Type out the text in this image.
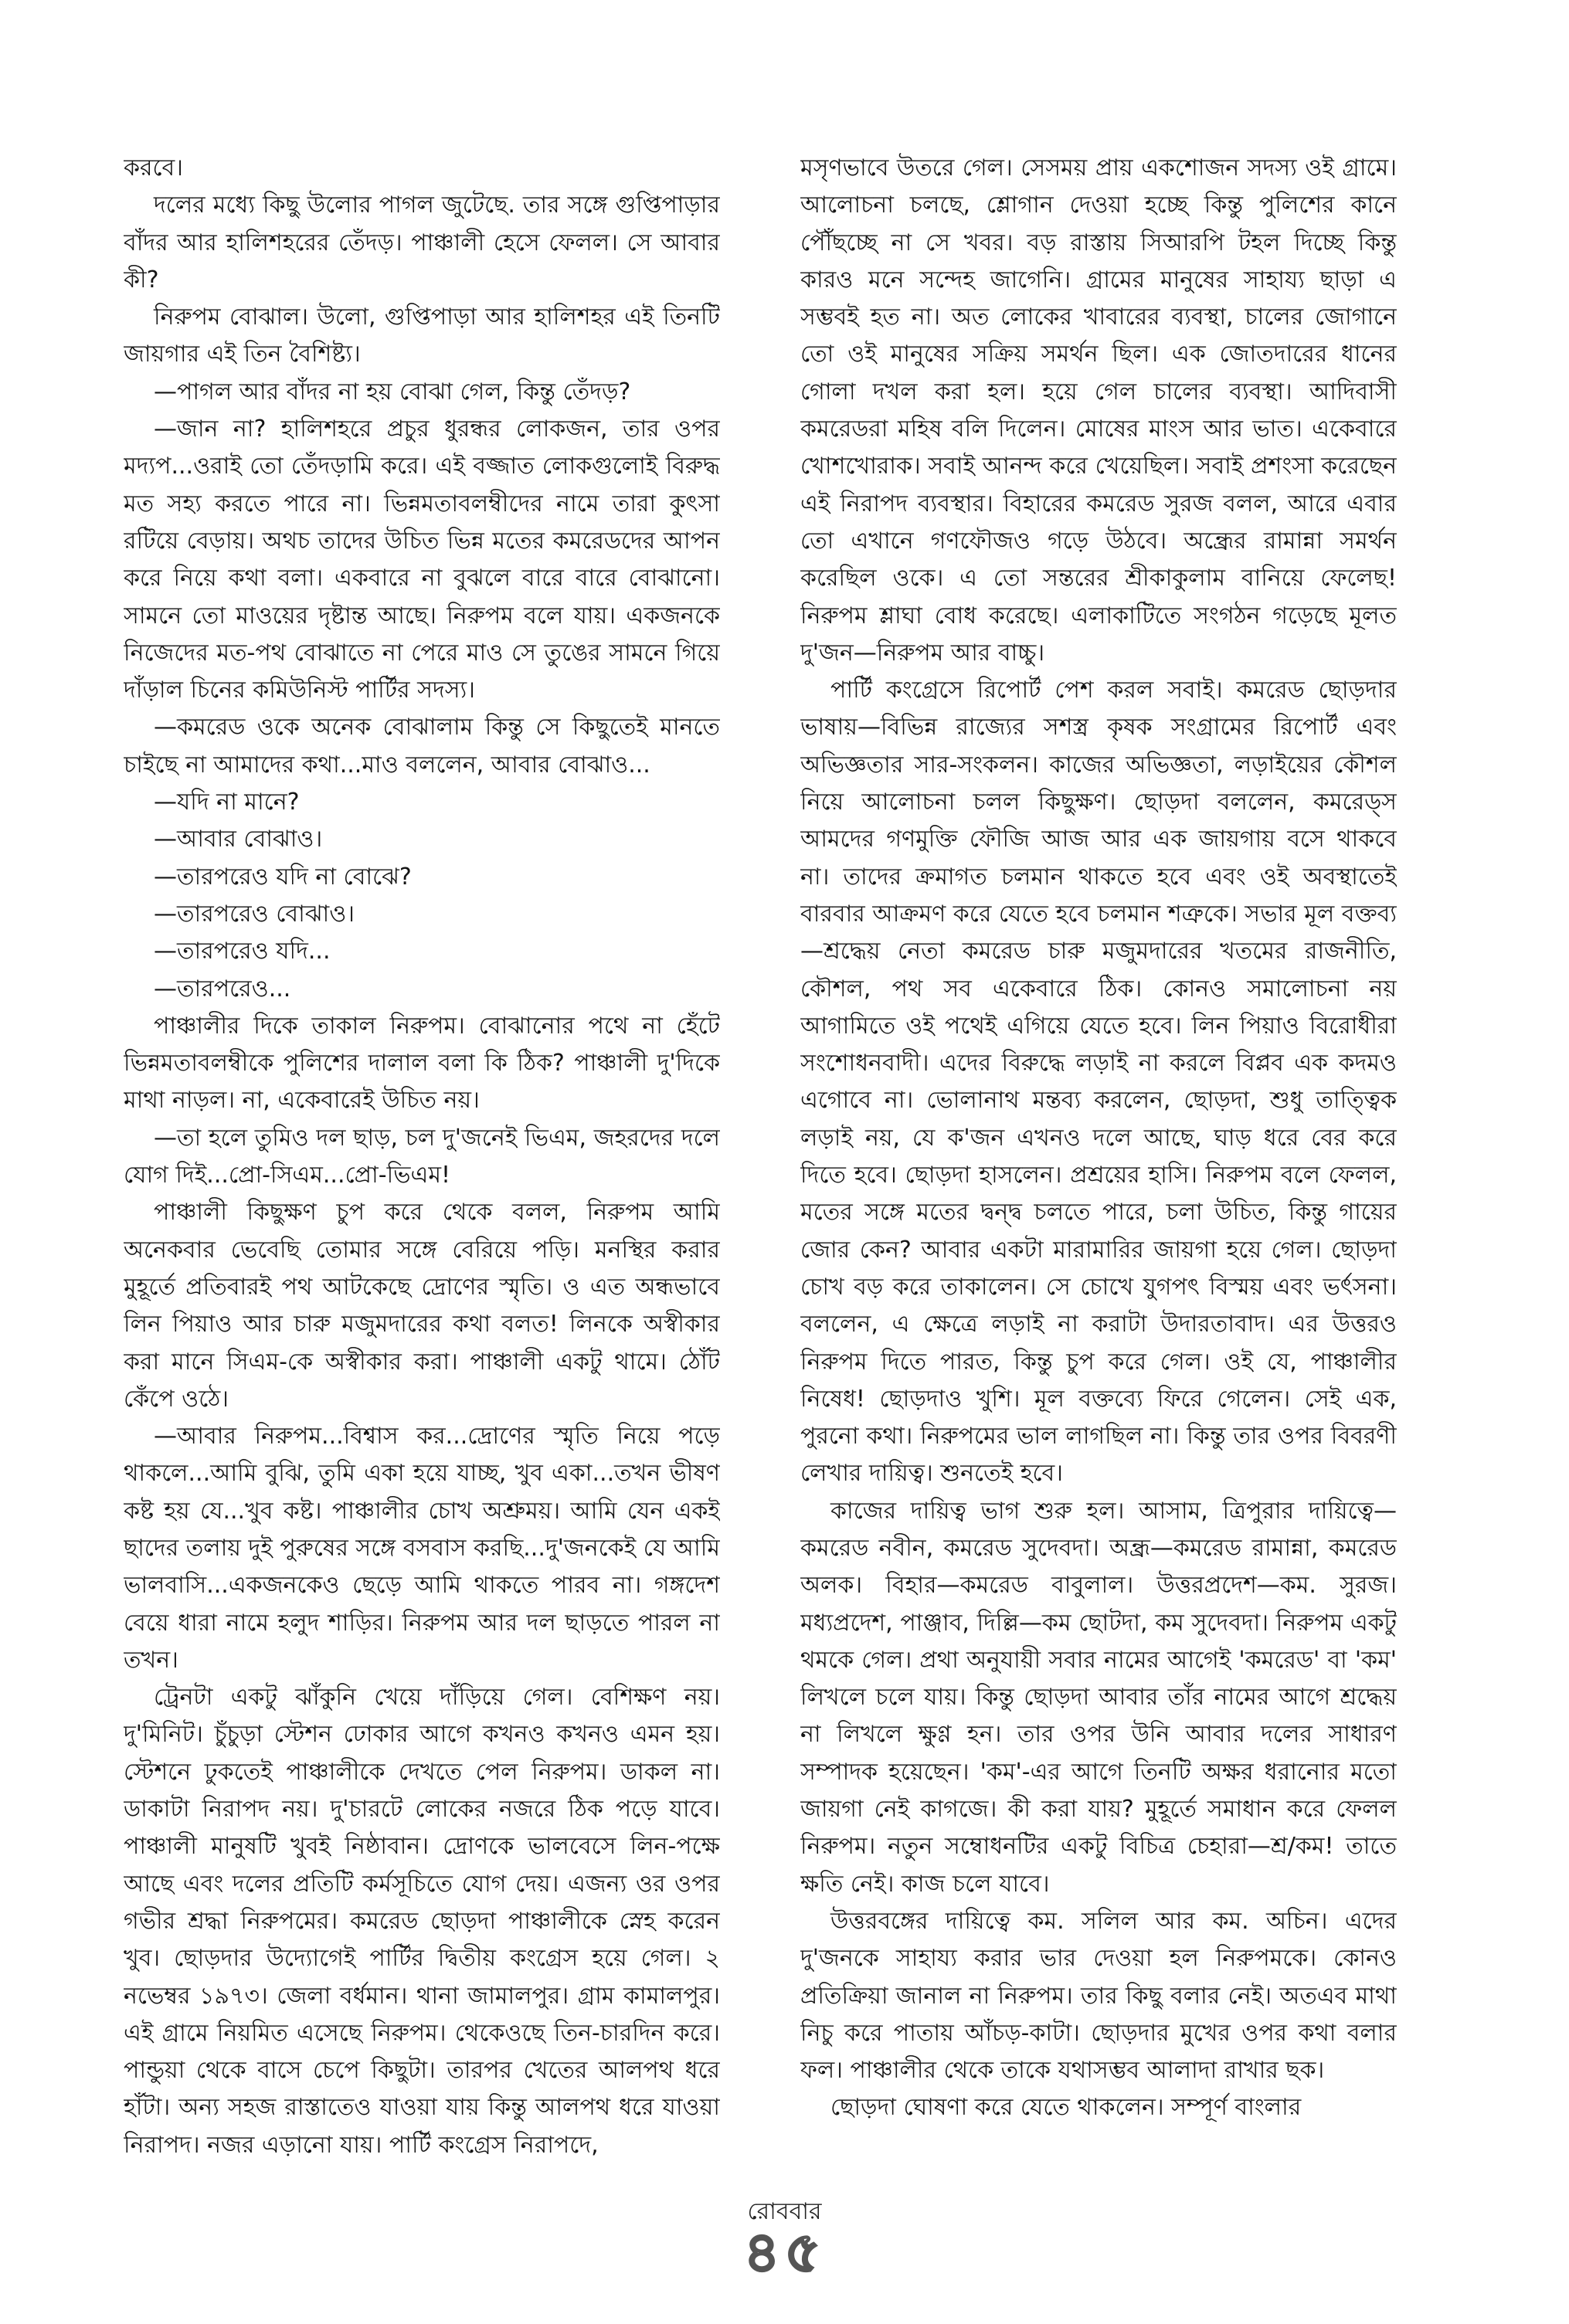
করবে।

দলের মধ্যে কিছু উলোর পাগল জুটেছে. তার সঙ্গে গুপ্তিপাড়ার বাঁদর আর হালিশহরের তেঁদড়। পাঞ্চালী হেসে ফেলল। সে আবার কী?

নিরুপম বোঝাল। উলো, গুপ্তিপাড়া আর হালিশহর এই তিনটি জায়গার এই তিন বৈশিষ্ট্য।

—পাগল আর বাঁদর না হয় বোঝা গেল, কিন্তু তেঁদড়?

—জান না? হালিশহরে প্রচুর ধুরন্ধর লোকজন, তার ওপর মদ্যপ...ওরাই তো তেঁদড়ামি করে। এই বজ্জাত লোকগুলোই বিরুদ্ধ মত সহ্য করতে পারে না। ভিন্নমতাবলম্বীদের নামে তারা কুৎসা রটিয়ে বেড়ায়। অথচ তাদের উচিত ভিন্ন মতের কমরেডদের আপন করে নিয়ে কথা বলা। একবারে না বুঝলে বারে বারে বোঝানো। সামনে তো মাওয়ের দৃষ্টান্ত আছে। নিরুপম বলে যায়। একজনকে নিজেদের মত-পথ বোঝাতে না পেরে মাও সে তুঙের সামনে গিয়ে দাঁড়াল চিনের কমিউনিস্ট পার্টির সদস্য।

—কমরেড ওকে অনেক বোঝালাম কিন্তু সে কিছুতেই মানতে চাইছে না আমাদের কথা...মাও বললেন, আবার বোঝাও...

—যদি না মানে?

—আবার বোঝাও।

—তারপরেও যদি না বোঝে?

—তারপরেও বোঝাও।

—তারপরেও যদি...

—তারপরেও...

পাঞ্চালীর দিকে তাকাল নিরুপম। বোঝানোর পথে না হেঁটে ভিন্নমতাবলম্বীকে পুলিশের দালাল বলা কি ঠিক? পাঞ্চালী দু'দিকে মাথা নাড়ল। না, একেবারেই উচিত নয়।

—তা হলে তুমিও দল ছাড়, চল দু'জনেই ভিএম, জহরদের দলে যোগ দিই...প্রো-সিএম...প্রো-ভিএম!

পাঞ্চালী কিছুক্ষণ চুপ করে থেকে বলল, নিরুপম আমি অনেকবার ভেবেছি তোমার সঙ্গে বেরিয়ে পড়ি। মনস্থির করার মুহূর্তে প্রতিবারই পথ আটকেছে দ্রোণের স্মৃতি। ও এত অন্ধভাবে লিন পিয়াও আর চারু মজুমদারের কথা বলত! লিনকে অস্বীকার করা মানে সিএম-কে অস্বীকার করা। পাঞ্চালী একটু থামে। ঠোঁট কেঁপে ওঠে।

—আবার নিরুপম...বিশ্বাস কর...দ্রোণের স্মৃতি নিয়ে পড়ে থাকলে...আমি বুঝি, তুমি একা হয়ে যাচ্ছ, খুব একা...তখন ভীষণ কষ্ট হয় যে...খুব কষ্ট। পাঞ্চালীর চোখ অশ্রুময়। আমি যেন একই ছাদের তলায় দুই পুরুষের সঙ্গে বসবাস করছি...দু'জনকেই যে আমি ভালবাসি...একজনকেও ছেড়ে আমি থাকতে পারব না। গঙ্গদেশ বেয়ে ধারা নামে হলুদ শাড়ির। নিরুপম আর দল ছাড়তে পারল না তখন।

ট্রেনটা একটু ঝাঁকুনি খেয়ে দাঁড়িয়ে গেল। বেশিক্ষণ নয়। দু'মিনিট। চুঁচুড়া স্টেশন ঢোকার আগে কখনও কখনও এমন হয়। স্টেশনে ঢুকতেই পাঞ্চালীকে দেখতে পেল নিরুপম। ডাকল না। ডাকাটা নিরাপদ নয়। দু'চারটে লোকের নজরে ঠিক পড়ে যাবে। পাঞ্চালী মানুষটি খুবই নিষ্ঠাবান। দ্রোণকে ভালবেসে লিন-পক্ষে আছে এবং দলের প্রতিটি কর্মসূচিতে যোগ দেয়। এজন্য ওর ওপর গভীর শ্রদ্ধা নিরুপমের। কমরেড ছোড়দা পাঞ্চালীকে স্নেহ করেন খুব। ছোড়দার উদ্যোগেই পার্টির দ্বিতীয় কংগ্রেস হয়ে গেল। ২ নভেম্বর ১৯৭৩। জেলা বর্ধমান। থানা জামালপুর। গ্রাম কামালপুর। এই গ্রামে নিয়মিত এসেছে নিরুপম। থেকেওছে তিন-চারদিন করে। পান্ডুয়া থেকে বাসে চেপে কিছুটা। তারপর খেতের আলপথ ধরে হাঁটা। অন্য সহজ রাস্তাতেও যাওয়া যায় কিন্তু আলপথ ধরে যাওয়া নিরাপদ। নজর এড়ানো যায়। পার্টি কংগ্রেস নিরাপদে,

মসৃণভাবে উতরে গেল। সেসময় প্রায় একশোজন সদস্য ওই গ্রামে। আলোচনা চলছে, শ্লোগান দেওয়া হচ্ছে কিন্তু পুলিশের কানে পৌঁছচ্ছে না সে খবর। বড় রাস্তায় সিআরপি টহল দিচ্ছে কিন্তু কারও মনে সন্দেহ জাগেনি। গ্রামের মানুষের সাহায্য ছাড়া এ সম্ভবই হত না। অত লোকের খাবারের ব্যবস্থা, চালের জোগানে তো ওই মানুষের সক্রিয় সমর্থন ছিল। এক জোতদারের ধানের গোলা দখল করা হল। হয়ে গেল চালের ব্যবস্থা। আদিবাসী কমরেডরা মহিষ বলি দিলেন। মোষের মাংস আর ভাত। একেবারে খোশখোরাক। সবাই আনন্দ করে খেয়েছিল। সবাই প্রশংসা করেছেন এই নিরাপদ ব্যবস্থার। বিহারের কমরেড সুরজ বলল, আরে এবার তো এখানে গণফৌজও গড়ে উঠবে। অন্ধ্রের রামান্না সমর্থন করেছিল ওকে। এ তো সন্তরের শ্রীকাকুলাম বানিয়ে ফেলেছ! নিরুপম শ্লাঘা বোধ করেছে। এলাকাটিতে সংগঠন গড়েছে মূলত দু'জন—নিরুপম আর বাচ্চু।

পার্টি কংগ্রেসে রিপোর্ট পেশ করল সবাই। কমরেড ছোড়দার ভাষায়—বিভিন্ন রাজ্যের সশস্ত্র কৃষক সংগ্রামের রিপোর্ট এবং অভিজ্ঞতার সার-সংকলন। কাজের অভিজ্ঞতা, লড়াইয়ের কৌশল নিয়ে আলোচনা চলল কিছুক্ষণ। ছোড়দা বললেন, কমরেড্স আমদের গণমুক্তি ফৌজি আজ আর এক জায়গায় বসে থাকবে না। তাদের ক্রমাগত চলমান থাকতে হবে এবং ওই অবস্থাতেই বারবার আক্রমণ করে যেতে হবে চলমান শত্রুকে। সভার মূল বক্তব্য—শ্রদ্ধেয় নেতা কমরেড চারু মজুমদারের খতমের রাজনীতি, কৌশল, পথ সব একেবারে ঠিক। কোনও সমালোচনা নয় আগামিতে ওই পথেই এগিয়ে যেতে হবে। লিন পিয়াও বিরোধীরা সংশোধনবাদী। এদের বিরুদ্ধে লড়াই না করলে বিপ্লব এক কদমও এগোবে না। ভোলানাথ মন্তব্য করলেন, ছোড়দা, শুধু তাত্ত্বিক লড়াই নয়, যে ক'জন এখনও দলে আছে, ঘাড় ধরে বের করে দিতে হবে। ছোড়দা হাসলেন। প্রশ্রয়ের হাসি। নিরুপম বলে ফেলল, মতের সঙ্গে মতের দ্বন্দ্ব চলতে পারে, চলা উচিত, কিন্তু গায়ের জোর কেন? আবার একটা মারামারির জায়গা হয়ে গেল। ছোড়দা চোখ বড় করে তাকালেন। সে চোখে যুগপৎ বিস্ময় এবং ভর্ৎসনা। বললেন, এ ক্ষেত্রে লড়াই না করাটা উদারতাবাদ। এর উত্তরও নিরুপম দিতে পারত, কিন্তু চুপ করে গেল। ওই যে, পাঞ্চালীর নিষেধ! ছোড়দাও খুশি। মূল বক্তব্যে ফিরে গেলেন। সেই এক, পুরনো কথা। নিরুপমের ভাল লাগছিল না। কিন্তু তার ওপর বিবরণী লেখার দায়িত্ব। শুনতেই হবে।

কাজের দায়িত্ব ভাগ শুরু হল। আসাম, ত্রিপুরার দায়িত্বে—কমরেড নবীন, কমরেড সুদেবদা। অন্ধ্র—কমরেড রামান্না, কমরেড অলক। বিহার—কমরেড বাবুলাল। উত্তরপ্রদেশ—কম. সুরজ। মধ্যপ্রদেশ, পাঞ্জাব, দিল্লি—কম ছোটদা, কম সুদেবদা। নিরুপম একটু থমকে গেল। প্রথা অনুযায়ী সবার নামের আগেই 'কমরেড' বা 'কম' লিখলে চলে যায়। কিন্তু ছোড়দা আবার তাঁর নামের আগে শ্রদ্ধেয় না লিখলে ক্ষুণ্ণ হন। তার ওপর উনি আবার দলের সাধারণ সম্পাদক হয়েছেন। 'কম'-এর আগে তিনটি অক্ষর ধরানোর মতো জায়গা নেই কাগজে। কী করা যায়? মুহূর্তে সমাধান করে ফেলল নিরুপম। নতুন সম্বোধনটির একটু বিচিত্র চেহারা—শ্র/কম! তাতে ক্ষতি নেই। কাজ চলে যাবে।

উত্তরবঙ্গের দায়িত্বে কম. সলিল আর কম. অচিন। এদের দু'জনকে সাহায্য করার ভার দেওয়া হল নিরুপমকে। কোনও প্রতিক্রিয়া জানাল না নিরুপম। তার কিছু বলার নেই। অতএব মাথা নিচু করে পাতায় আঁচড়-কাটা। ছোড়দার মুখের ওপর কথা বলার ফল। পাঞ্চালীর থেকে তাকে যথাসম্ভব আলাদা রাখার ছক।

ছোড়দা ঘোষণা করে যেতে থাকলেন। সম্পূর্ণ বাংলার

রোববার
৪৫
